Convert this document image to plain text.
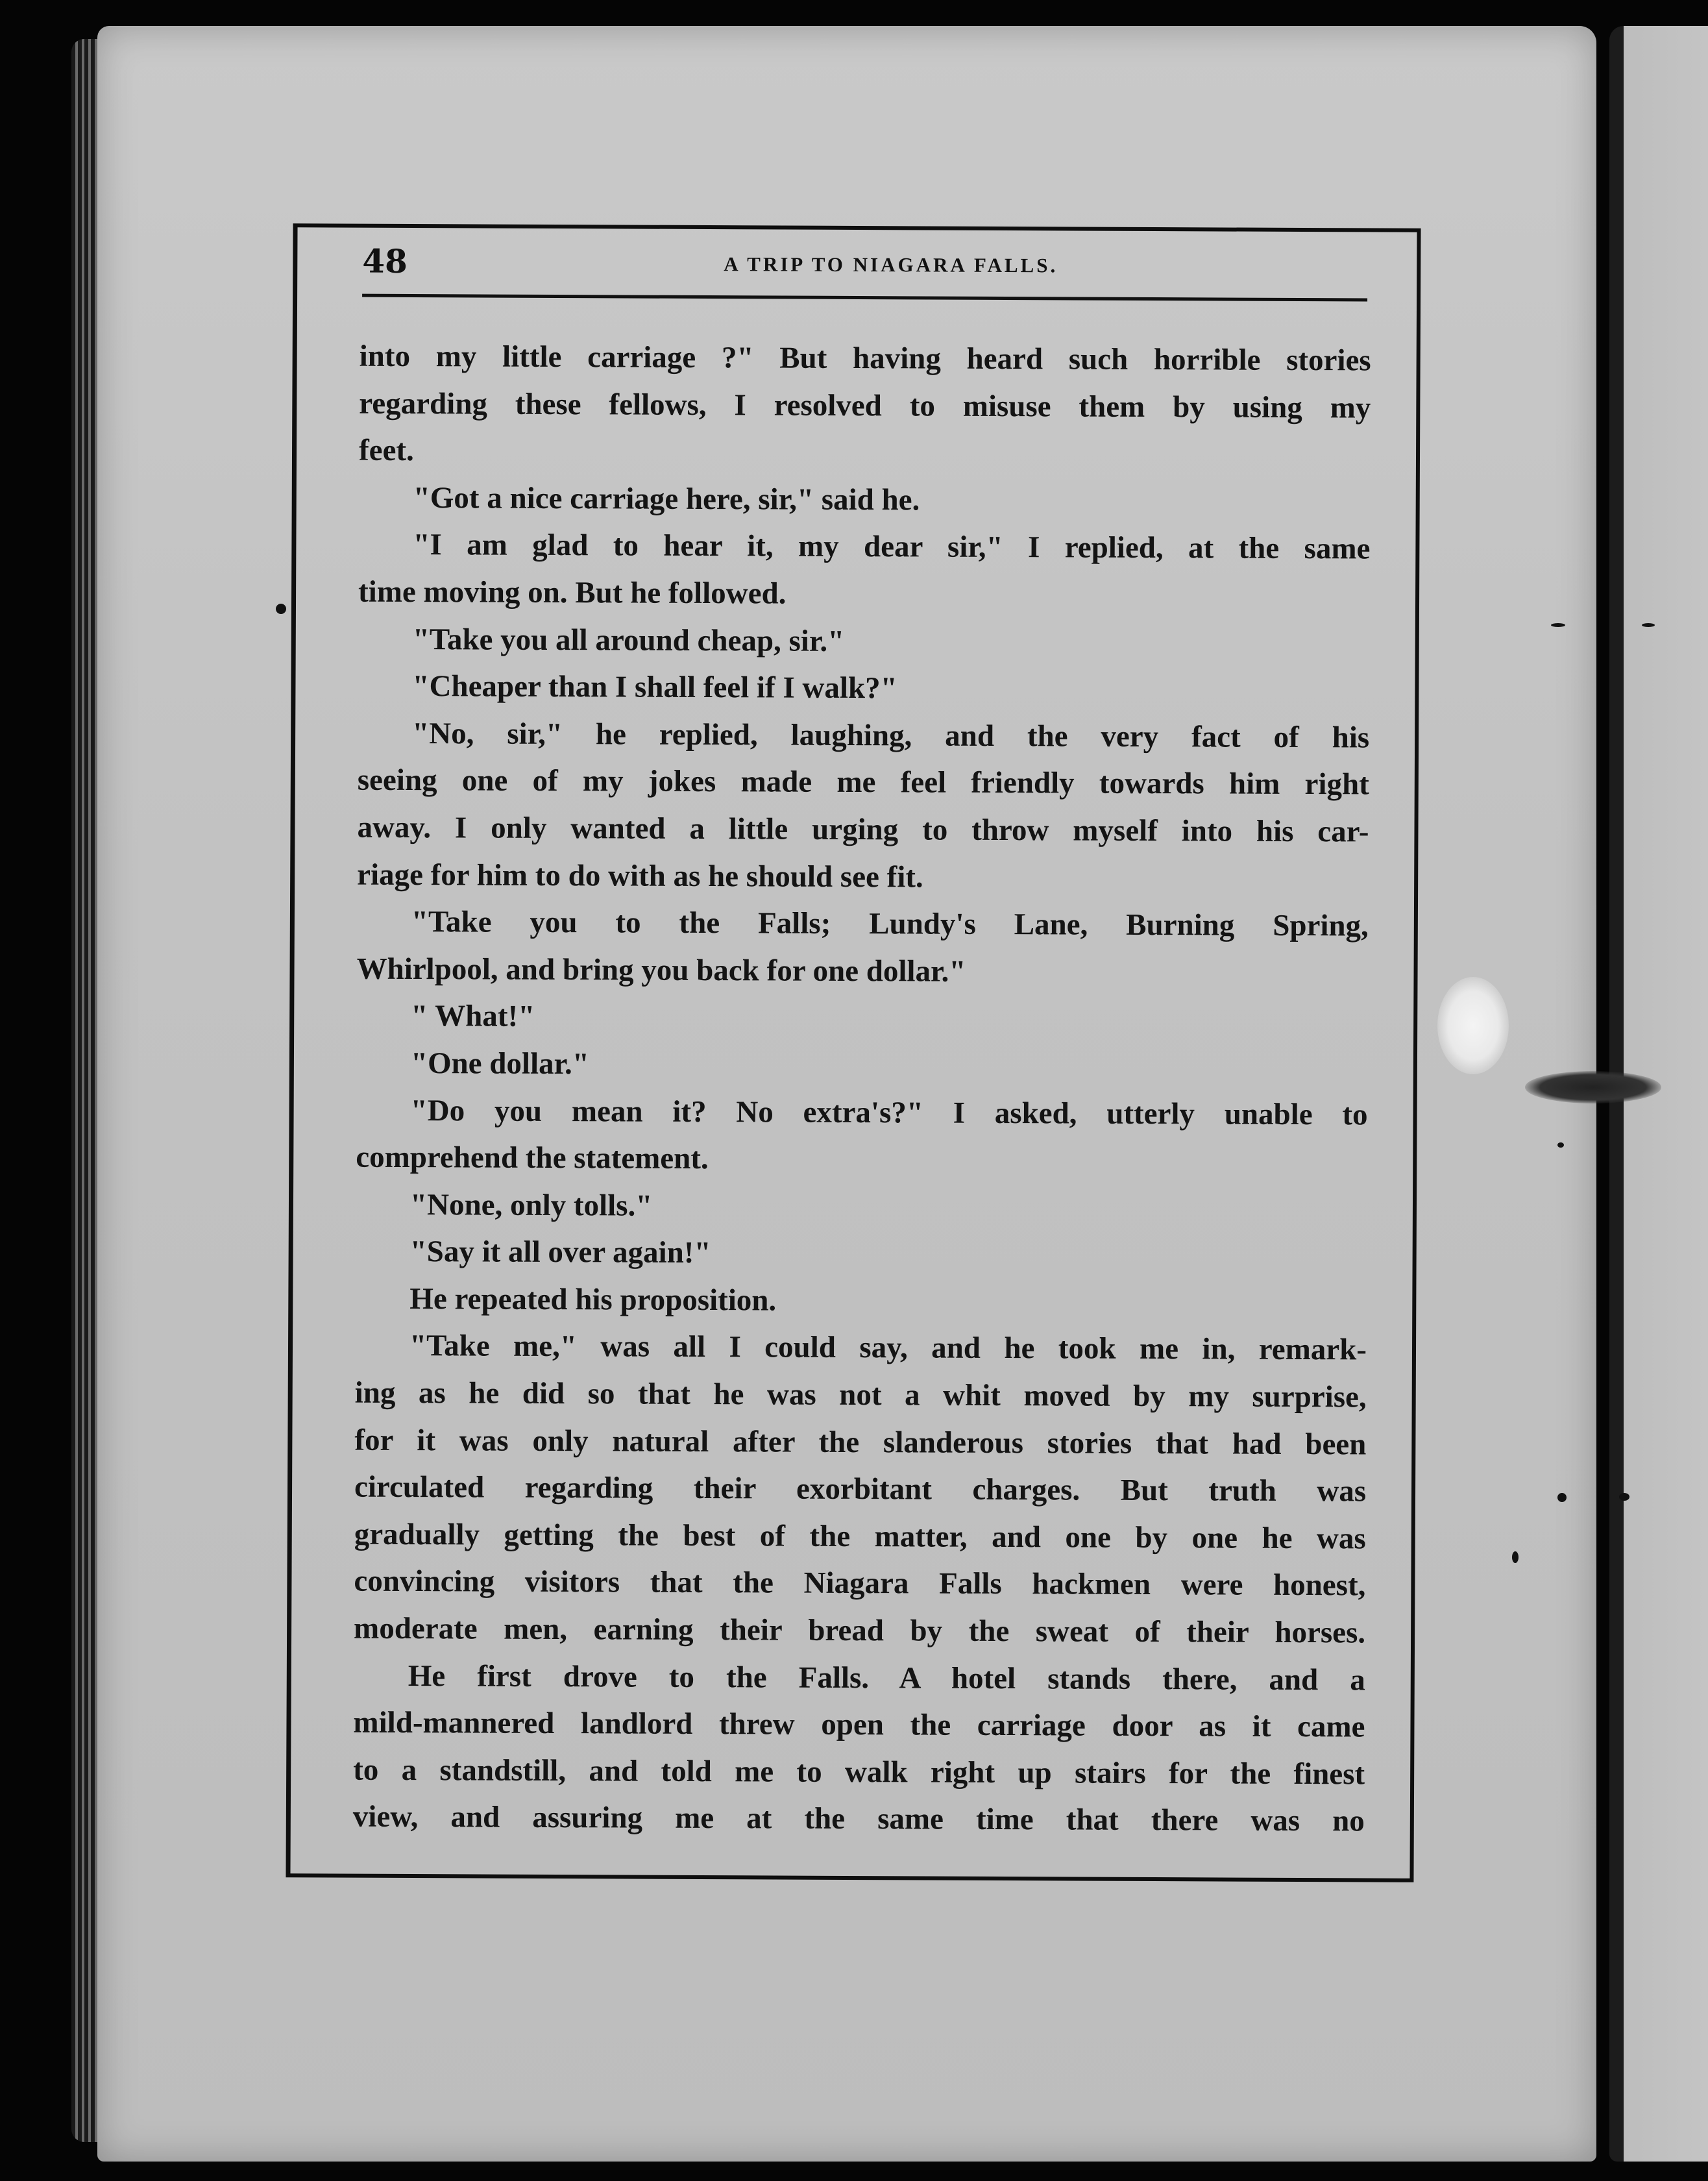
48	A TRIP TO NIAGARA FALLS.
into my little carriage ?" But having heard such horrible stories
regarding these fellows, I resolved to misuse them by using my
feet.
"Got a nice carriage here, sir," said he.
"I am glad to hear it, my dear sir," I replied, at the same
time moving on. But he followed.
"Take you all around cheap, sir."
"Cheaper than I shall feel if I walk?"
"No, sir," he replied, laughing, and the very fact of his
seeing one of my jokes made me feel friendly towards him right
away. I only wanted a little urging to throw myself into his car-
riage for him to do with as he should see fit.
"Take you to the Falls; Lundy's Lane, Burning Spring,
Whirlpool, and bring you back for one dollar."
" What!"
"One dollar."
"Do you mean it? No extra's?" I asked, utterly unable to
comprehend the statement.
"None, only tolls."
"Say it all over again!"
He repeated his proposition.
"Take me," was all I could say, and he took me in, remark-
ing as he did so that he was not a whit moved by my surprise,
for it was only natural after the slanderous stories that had been
circulated regarding their exorbitant charges. But truth was
gradually getting the best of the matter, and one by one he was
convincing visitors that the Niagara Falls hackmen were honest,
moderate men, earning their bread by the sweat of their horses.
He first drove to the Falls. A hotel stands there, and a
mild-mannered landlord threw open the carriage door as it came
to a standstill, and told me to walk right up stairs for the finest
view, and assuring me at the same time that there was no
